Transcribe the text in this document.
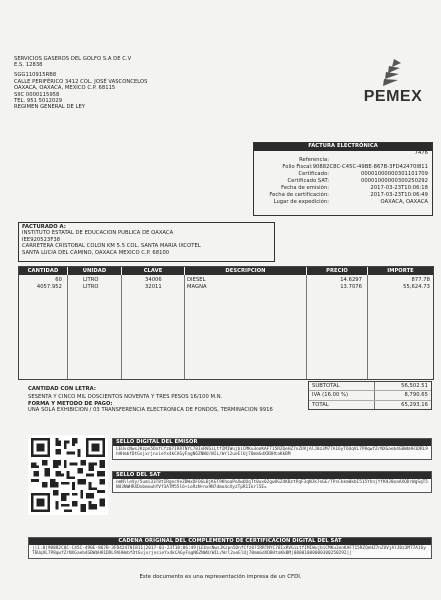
SERVICIOS GASEROS DEL GOLFO S.A DE C.V
E.S. 12838
SGG110915RB8
CALLE PERIFÉRICO 3412 COL. JOSÉ VASCONCELOS
OAXACA, OAXACA, MEXICO C.P. 68115
SIIC 0000115958
TEL. 951 5012029
REGIMEN GENERAL DE LEY
PEMEX
FACTURA ELECTRÓNICA
7476
Referencia:
Folio Fiscal: 90882C8C-C45C-49BE-867B-3FD42470I811
Certificado:	00001000000301101709
Certificado SAT:	00001000000300250292
Fecha de emisión:	2017-03-23T10:06:18
Fecha de certificación:	2017-03-23T10:06:49
Lugar de expedición:	OAXACA, OAXACA
FACTURADO A:
INSTITUTO ESTATAL DE EDUCACION PUBLICA DE OAXACA
IEE920523F38
CARRETERA CRISTOBAL COLON KM 5.5 COL. SANTA MARIA IXCOTEL
SANTA LUCIA DEL CAMINO, OAXACA MEXICO C.P. 68100
CANTIDAD	UNIDAD	CLAVE	DESCRIPCION	PRECIO	IMPORTE
60	LITRO	34006	DIESEL	14.6297	877.78
4057.952	LITRO	32011	MAGNA	13.7076	55,624.73
CANTIDAD CON LETRA:
SESENTA Y CINCO MIL DOSCIENTOS NOVENTA Y TRES PESOS 16/100 M.N.
FORMA Y METODO DE PAGO:
UNA SOLA EXHIBICION / 03 TRANSFERENCIA ELECTRONICA DE FONDOS, TERMINACION 9916
SUBTOTAL	56,502.51
IVA (16.00 %)	8,790.65
TOTAL	65,293.16
SELLO DIGITAL DEL EMISOR
LEUvcNwsJKzpn5DnfCfz07IRRTNYC78IxRVGiLtfIMIWujbiCMKu3onKAFT15RZQeHZ7nZUVjAlJ0z3M77A16yT6UqVL7P8qwfZrNXGaeb4GBWbHH1DRL9hHHmbfDtGvjxrjnsieYx4kCAGyFagN6ZNWU/WIL/Wrl2ueElUj70mmGdXDBHtaKkBM
SELLO DEL SAT
nmNlleVy/5umi33T8tIRqecVeZDWxDFOGLBjKGT9KhoaPoXwUUqTt0ux02gwOGZ4KBztPqF3qNJk7oGE/TPsCkkm0kbI515YhnjYfKHJ0oaAXQDrWgSqT5NH3NWHRXDxbmxwhYVf3ATM55l6+ioRzN+nx9N7dmo4cXyzTpR1Ikrl5E=
CADENA ORIGINAL DEL COMPLEMENTO DE CERTIFICACION DIGITAL DEL SAT
||1.0|90882C8C-C45C-49BE-867B-3FD42470I811|2017-03-23T10:06:49|LEUvcNwsJKzpn5DnfCfz07IRRTNYC78IxRVGiLtfIMIWujbiCMKu3onKAFT15RZQeHZ7nZUVjAlJ0z3M77A16yT6UqVL7P8qwfZrNXGaeb4GBWbHH1DRL9hHHmbfDtGvjxrjnsieYx4kCAGyFagN6ZNWU/WIL/Wrl2ueElUj70mmGdXDBHtaKkBM|00001000000300250292||
Este documento es una representación impresa de un CFDI.
